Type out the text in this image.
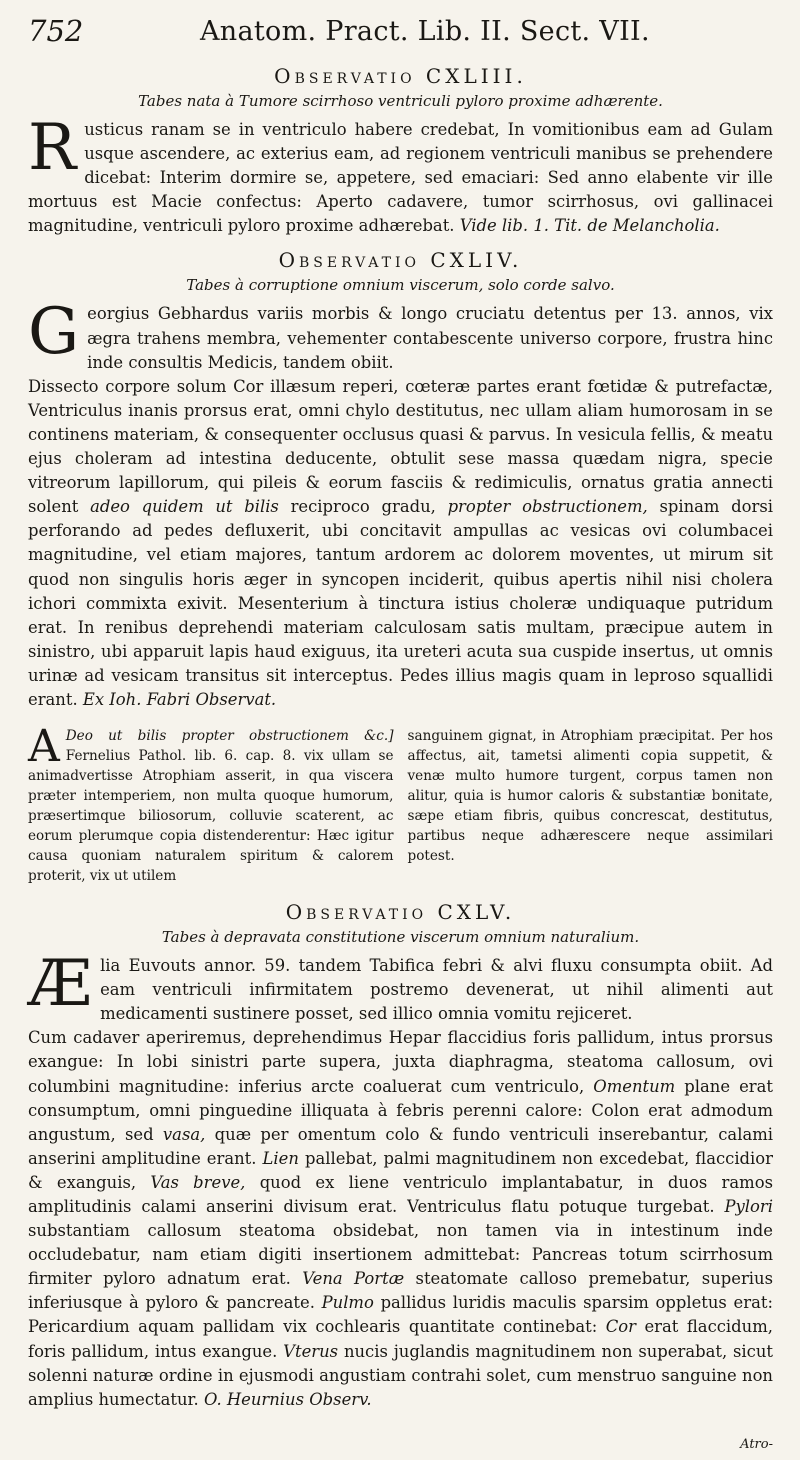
752	Anatom. Pract. Lib. II. Sect. VII.
Observatio CXLIII.
Tabes nata à Tumore scirrhoso ventriculi pyloro proxime adhærente.

Rusticus ranam se in ventriculo habere credebat, In vomitionibus eam ad Gulam usque ascendere, ac exterius eam, ad regionem ventriculi manibus se prehendere dicebat: Interim dormire se, appetere, sed emaciari: Sed anno elabente vir ille mortuus est Macie confectus: Aperto cadavere, tumor scirrhosus, ovi gallinacei magnitudine, ventriculi pyloro proxime adhærebat. Vide lib. 1. Tit. de Melancholia.

Observatio CXLIV.
Tabes à corruptione omnium viscerum, solo corde salvo.

Georgius Gebhardus variis morbis & longo cruciatu detentus per 13. annos, vix ægra trahens membra, vehementer contabescente universo corpore, frustra hinc inde consultis Medicis, tandem obiit.

Dissecto corpore solum Cor illæsum reperi, cœteræ partes erant fœtidæ & putrefactæ, Ventriculus inanis prorsus erat, omni chylo destitutus, nec ullam aliam humorosam in se continens materiam, & consequenter occlusus quasi & parvus. In vesicula fellis, & meatu ejus choleram ad intestina deducente, obtulit sese massa quædam nigra, specie vitreorum lapillorum, qui pileis & eorum fasciis & redimiculis, ornatus gratia annecti solent adeo quidem ut bilis reciproco gradu, propter obstructionem, spinam dorsi perforando ad pedes defluxerit, ubi concitavit ampullas ac vesicas ovi columbacei magnitudine, vel etiam majores, tantum ardorem ac dolorem moventes, ut mirum sit quod non singulis horis æger in syncopen inciderit, quibus apertis nihil nisi cholera ichori commixta exivit. Mesenterium à tinctura istius choleræ undiquaque putridum erat. In renibus deprehendi materiam calculosam satis multam, præcipue autem in sinistro, ubi apparuit lapis haud exiguus, ita ureteri acuta sua cuspide insertus, ut omnis urinæ ad vesicam transitus sit interceptus. Pedes illius magis quam in leproso squallidi erant. Ex Ioh. Fabri Observat.

A Deo ut bilis propter obstructionem &c.] Fernelius Pathol. lib. 6. cap. 8. vix ullam se animadvertisse Atrophiam asserit, in qua viscera præter intemperiem, non multa quoque humorum, præsertimque biliosorum, colluvie scaterent, ac eorum plerumque copia distenderentur: Hæc igitur causa quoniam naturalem spiritum & calorem proterit, vix ut utilem
sanguinem gignat, in Atrophiam præcipitat. Per hos affectus, ait, tametsi alimenti copia suppetit, & venæ multo humore turgent, corpus tamen non alitur, quia is humor caloris & substantiæ bonitate, sæpe etiam fibris, quibus concrescat, destitutus, partibus neque adhærescere neque assimilari potest.
Observatio CXLV.
Tabes à depravata constitutione viscerum omnium naturalium.

Ælia Euvouts annor. 59. tandem Tabifica febri & alvi fluxu consumpta obiit. Ad eam ventriculi infirmitatem postremo devenerat, ut nihil alimenti aut medicamenti sustinere posset, sed illico omnia vomitu rejiceret.

Cum cadaver aperiremus, deprehendimus Hepar flaccidius foris pallidum, intus prorsus exangue: In lobi sinistri parte supera, juxta diaphragma, steatoma callosum, ovi columbini magnitudine: inferius arcte coaluerat cum ventriculo, Omentum plane erat consumptum, omni pinguedine illiquata à febris perenni calore: Colon erat admodum angustum, sed vasa, quæ per omentum colo & fundo ventriculi inserebantur, calami anserini amplitudine erant. Lien pallebat, palmi magnitudinem non excedebat, flaccidior & exanguis, Vas breve, quod ex liene ventriculo implantabatur, in duos ramos amplitudinis calami anserini divisum erat. Ventriculus flatu potuque turgebat. Pylori substantiam callosum steatoma obsidebat, non tamen via in intestinum inde occludebatur, nam etiam digiti insertionem admittebat: Pancreas totum scirrhosum firmiter pyloro adnatum erat. Vena Portæ steatomate calloso premebatur, superius inferiusque à pyloro & pancreate. Pulmo pallidus luridis maculis sparsim oppletus erat: Pericardium aquam pallidam vix cochlearis quantitate continebat: Cor erat flaccidum, foris pallidum, intus exangue. Vterus nucis juglandis magnitudinem non superabat, sicut solenni naturæ ordine in ejusmodi angustiam contrahi solet, cum menstruo sanguine non amplius humectatur. O. Heurnius Observ.

Atro-
